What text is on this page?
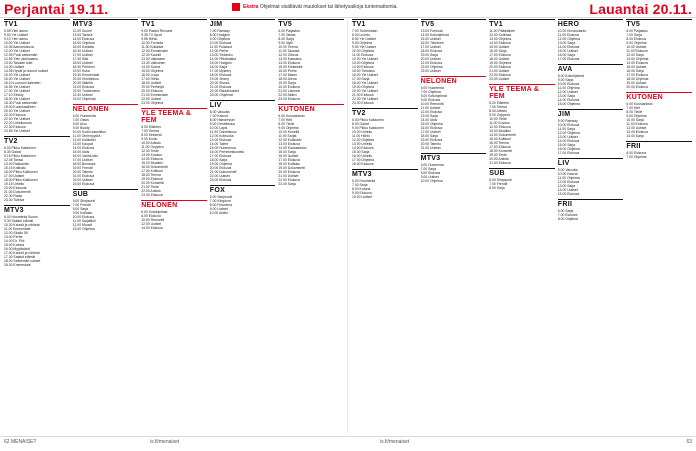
Perjantai 19.11.	Ekstra Ohjelmat sisältävät muutokset tai lähetysaikoja tuntemattomia.	Lauantai 20.11.
TV1
5.55 Ylen aamu
9.00 Yle Uutiset
9.10 Ylen aamu
10.00 Yle Uutiset
10.05 Aamuelokuva
12.00 Yle Uutiset
12.05 Puoli seitsemän
12.55 Ylen ykkösaamu
13.00 Taivaan tulet
14.00 Uutiset
14.05 Hyvät ja huonot uutiset
15.00 Yle Uutiset
16.00 Yle Uutiset
16.10 Luonnon kalenteri
16.55 Yle Uutiset
17.00 Yle Uutiset
17.10 Strictly
18.00 Yle Uutiset
18.30 Puoli seitsemän
19.00 Kuninkaallinen
20.00 Yle Uutiset
20.30 Elokuva
22.00 Yle Uutiset
22.20 Urheiluruutu
22.30 Elokuva
23.55 Yle Uutiset
TV2
6.00 Pikku Kakkonen
8.30 Galaxi
9.15 Pikku Kakkonen
12.45 Tanssi
14.00 Rakkautta
15.15 Kotikatu
16.00 Pikku Kakkonen
17.00 Uutiset
18.00 Pikku Kakkonen
19.15 Urheilu
20.00 Elokuvat
21.00 Dokumentti
22.30 Radio
23.30 Tutkiva
MTV3
6.00 Huomenta Suomi
9.30 Salatut elämät
10.30 Kauniit ja rohkeat
11.00 Emmerdale
12.00 Studio 55
13.00 Perhe
14.00 Dr. Phil
15.00 Kotona
16.00 Myytävänä
17.00 Kauniit ja rohkeat
17.30 Salatut elämät
18.00 Seitsemän uutiset
18.30 Emmerdale
MTV3
12.00 Suomi
13.00 Tanssii
14.00 Elokuva
15.00 Ohjelma
16.00 Kotikatu
16.30 Uutiset
17.00 Uutiset
17.30 Sää
18.00 Uutiset
18.30 Perheen
19.00 Kuka
19.30 Emmerdale
20.00 Huvitteluuu
20.30 Iltalehti
21.00 Elokuva
22.00 Tuntematon
22.30 Uutiset
23.00 Ohjelmat
NELONEN
6.00 Huomenta
7.00 Ostos
8.00 Arvo
9.00 Buddy
10.00 Kodin kaunistus
11.00 Onnenpyörä
12.00 Kotikokki
13.00 Kaupat
14.00 Elokuva
15.00 Idols
16.00 Vanha talo
17.00 Uutiset
18.00 Bonanza
19.00 Frendit
20.00 Talento
21.00 Elokuva
22.00 Uutiset
23.00 Elokuva
SUB
6.00 Simpsonit
7.00 Frendit
8.00 Sarja
9.00 Kotikatu
10.00 Elokuva
11.00 Sarjafilmi
12.00 Muuvit
13.00 Ohjelma
TV1
9.00 Pasius Recuest
9.35 TV-Sport
9.55 Hiihto
10.30 Formula
11.30 Kultaiset
12.00 Emmerdale
12.30 Kauniit
13.00 Vakkasen
13.30 Valkoinen
14.00 Suomi
15.00 Ohjelma
16.00 Luoja
17.00 Hiihto
18.00 Uutiset
19.00 Perhetyö
20.00 Elokuva
21.00 Emmerdale
22.00 Uutiset
23.00 Ohjelma
YLE TEEMA & FEM
6.00 Eläinten
7.00 Teema
8.00 Keksintö
9.00 Koulu
10.00 Arkisto
11.00 Ooppera
12.00 Tiede
13.00 Kuvaus
14.00 Elokuva
15.00 Musiikki
16.00 Dokumentti
17.00 Kulttuuri
18.00 Teema
19.00 Elokuva
20.00 Konsertti
21.00 Tiede
22.00 Arkisto
23.00 Elokuva
NELONEN
6.00 Kotiohjelmat
8.00 Elokuva
10.00 Remontti
12.00 Uutiset
14.00 Elokuva
JIM
7.00 Ramsay
8.00 Hodgkin
9.00 Ohjelma
10.00 Elokuva
11.00 Pulsasut
12.00 Perhe
13.00 Tietoisku
14.00 Pitkämatka
15.00 Hodgkin
16.00 Sarja
17.00 Mystery
18.00 Elokuva
19.00 Jimmy
20.00 Shows
21.00 Elokuva
22.00 Rautahiukset
23.00 Ohjelmat
LIV
6.00 Valuutta
7.00 Kasvot
8.00 Hairdresser
9.00 Onnellisuus
10.00 Lapsi
11.00 Onnellisuus
12.00 Kotiruoka
13.00 Elokuva
14.00 Talent
15.00 Huomenna
16.00 Perhekeskustelu
17.00 Elokuva
18.00 Sarja
19.00 Ohjelma
20.00 Elokuva
21.00 Dokumentti
22.00 Uutiset
23.00 Elokuva
FOX
6.00 Simpsonit
7.00 Kingdom
8.00 Futurama
9.00 Uutiset
10.00 Aktiivi
TV5
6.00 Paljastus
7.00 Taivas
8.00 Sarja
9.00 Idylli
10.00 Teema
11.00 Taustaa
12.00 Oikeus
13.00 Kasvatus
14.00 Elokuva
15.00 Kiinteistöt
16.00 Perhe
17.00 Miami
18.00 Arena
19.00 Sarja
20.00 Elokuva
21.00 Lisenssi
22.00 Aktiivi
23.00 Elokuva
KUTONEN
6.00 Kouluarkisto
7.00 Hitit
8.00 Tiede
9.00 Ohjelma
10.00 Kenellä
11.00 Sarjat
12.00 Kotikokki
13.00 Elokuva
14.00 Kouluarkisto
15.00 Sarja
16.00 Uutiset
17.00 Elokuva
18.00 Kotikatu
19.00 Dokumentti
20.00 Elokuva
21.00 Uutiset
22.00 Elokuva
23.00 Sarja
TV1
7.00 Tuntematon
8.00 Luonto
8.50 Yle Uutiset
9.00 Ohjelma
9.50 Yle Uutiset
10.00 Ohjelma
11.00 Elokuva
12.00 Yle Uutiset
13.00 Ohjelma
14.00 Elokuva
15.00 Tietoisku
16.00 Yle Uutiset
17.00 Sarja
18.00 Yle Uutiset
19.00 Ohjelma
20.00 Yle Uutiset
21.00 Elokuva
22.00 Yle Uutiset
23.00 Elokuva
TV2
6.00 Pikku Kakkonen
8.00 Galaxi
9.00 Pikku Kakkonen
10.00 Urheilu
11.00 Hiihto
12.00 Ohjelma
13.00 Urheilu
14.00 Elokuva
15.00 Sarja
16.00 Urheilu
17.00 Ohjelma
18.00 Elokuva
MTV3
6.00 Huomenta
7.00 Sarja
8.00 Kotona
9.00 Elokuva
10.00 Uutiset
TV5
13.00 Formula
14.00 Kotiohjelmat
15.00 Uutiset
16.00 Tietoinen
17.00 Uutiset
18.00 Elokuva
19.00 Sarja
20.00 Uutiset
21.00 Elokuva
22.00 Ohjelma
23.00 Uutiset
NELONEN
6.00 Huomenta
7.00 Ohjelma
8.00 Kotiohjelmat
9.00 Elokuva
10.00 Remontti
11.00 Uutiset
12.00 Elokuva
13.00 Sarja
14.00 Idols
15.00 Ohjelma
16.00 Elokuva
17.00 Uutiset
18.00 Sarja
19.00 Elokuva
20.00 Talento
21.00 Uutiset
MTV3
6.00 Huomenta
7.00 Sarja
8.00 Elokuva
9.00 Uutiset
10.00 Ohjelma
TV1
11.00 Pääsiäinen
12.00 Kotimaa
13.00 Ohjelma
14.00 Elokuva
15.00 Uutiset
16.00 Sarja
17.00 Elokuva
18.00 Uutiset
19.00 Ohjelma
20.00 Elokuva
21.00 Uutiset
22.00 Elokuva
23.00 Uutiset
YLE TEEMA & FEM
6.00 Eläinten
7.00 Teema
8.00 Arkisto
9.00 Ooppera
10.00 Tiede
11.00 Kuvaus
12.00 Elokuva
13.00 Musiikki
14.00 Dokumentti
15.00 Kulttuuri
16.00 Teema
17.00 Elokuva
18.00 Konsertti
19.00 Tiede
20.00 Arkisto
21.00 Elokuva
SUB
6.00 Simpsonit
7.00 Frendit
8.00 Sarja
HERO
10.00 Kinotuotanto
11.00 Elokuva
12.00 Ohjelma
13.00 Sarja
14.00 Elokuva
15.00 Uutiset
16.00 Sarja
17.00 Elokuva
AVA
8.00 Kotiohjelmat
9.00 Sarja
10.00 Elokuva
11.00 Ohjelma
12.00 Uutiset
13.00 Sarja
14.00 Elokuva
15.00 Ohjelma
JIM
9.00 Ramsay
10.00 Elokuva
11.00 Sarja
12.00 Ohjelma
13.00 Uutiset
14.00 Elokuva
15.00 Sarja
16.00 Ohjelma
17.00 Elokuva
LIV
9.00 Valuutta
10.00 Kasvot
11.00 Ohjelma
12.00 Elokuva
13.00 Sarja
14.00 Uutiset
15.00 Elokuva
FRII
6.00 Sarja
7.00 Elokuva
8.00 Ohjelma
TV5
6.00 Paljastus
7.00 Sarja
8.00 Elokuva
9.00 Ohjelma
10.00 Uutiset
11.00 Elokuva
12.00 Sarja
13.00 Ohjelma
14.00 Elokuva
15.00 Uutiset
16.00 Sarja
17.00 Elokuva
18.00 Ohjelma
19.00 Uutiset
20.00 Elokuva
KUTONEN
6.00 Kouluarkisto
7.00 Hitit
8.00 Tiede
9.00 Ohjelma
10.00 Sarja
11.00 Elokuva
12.00 Uutiset
13.00 Elokuva
14.00 Sarja
FRII
6.00 Elokuva
7.00 Ohjelma
62 MENAISET	is.fi/menaiset	is.fi/menaiset	63
